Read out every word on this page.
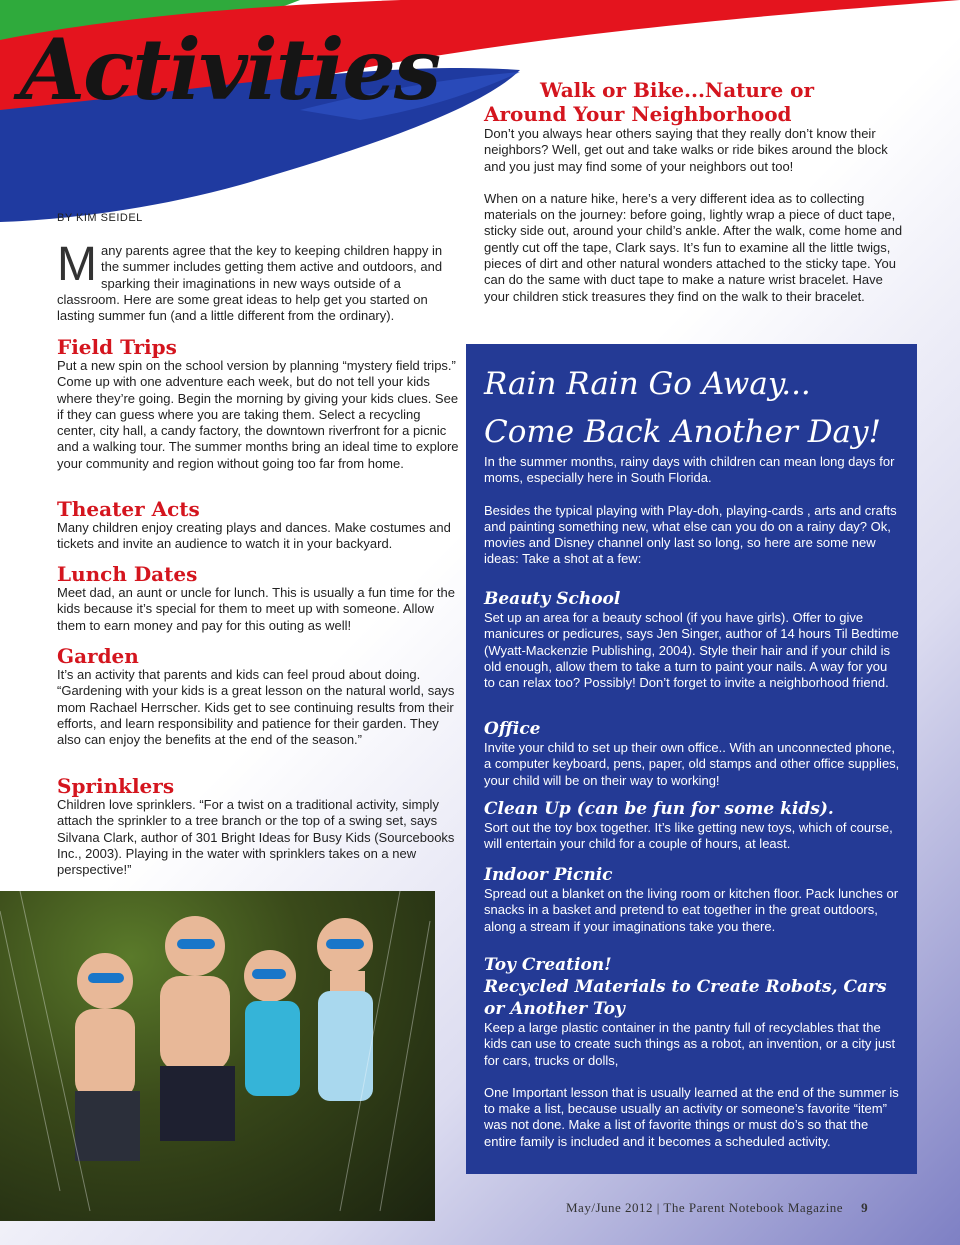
Activities
BY KIM SEIDEL

Many parents agree that the key to keeping children happy in the summer includes getting them active and outdoors, and sparking their imaginations in new ways outside of a classroom. Here are some great ideas to help get you started on lasting summer fun (and a little different from the ordinary).

Field Trips

Put a new spin on the school version by planning “mystery field trips.” Come up with one adventure each week, but do not tell your kids where they’re going. Begin the morning by giving your kids clues. See if they can guess where you are taking them. Select a recycling center, city hall, a candy factory, the downtown riverfront for a picnic and a walking tour. The summer months bring an ideal time to explore your community and region without going too far from home.

Theater Acts

Many children enjoy creating plays and dances. Make costumes and tickets and invite an audience to watch it in your backyard.

Lunch Dates

Meet dad, an aunt or uncle for lunch. This is usually a fun time for the kids because it’s special for them to meet up with someone. Allow them to earn money and pay for this outing as well!

Garden

It’s an activity that parents and kids can feel proud about doing. “Gardening with your kids is a great lesson on the natural world, says mom Rachael Herrscher. Kids get to see continuing results from their efforts, and learn responsibility and patience for their garden. They also can enjoy the benefits at the end of the season.”

Sprinklers

Children love sprinklers. “For a twist on a traditional activity, simply attach the sprinkler to a tree branch or the top of a swing set, says Silvana Clark, author of 301 Bright Ideas for Busy Kids (Sourcebooks Inc., 2003). Playing in the water with sprinklers takes on a new perspective!”

Walk or Bike...Nature or
Around Your Neighborhood

Don’t you always hear others saying that they really don’t know their neighbors? Well, get out and take walks or ride bikes around the block and you just may find some of your neighbors out too!

When on a nature hike, here’s a very different idea as to collecting materials on the journey: before going, lightly wrap a piece of duct tape, sticky side out, around your child’s ankle. After the walk, come home and gently cut off the tape, Clark says. It’s fun to examine all the little twigs, pieces of dirt and other natural wonders attached to the sticky tape. You can do the same with duct tape to make a nature wrist bracelet. Have your children stick treasures they find on the walk to their bracelet.

Rain Rain Go Away...
Come Back Another Day!

In the summer months, rainy days with children can mean long days for moms, especially here in South Florida.

Besides the typical playing with Play-doh, playing-cards , arts and crafts and painting something new, what else can you do on a rainy day? Ok, movies and Disney channel only last so long, so here are some new ideas: Take a shot at a few:

Beauty School

Set up an area for a beauty school (if you have girls). Offer to give manicures or pedicures, says Jen Singer, author of 14 hours Til Bedtime (Wyatt-Mackenzie Publishing, 2004). Style their hair and if your child is old enough, allow them to take a turn to paint your nails. A way for you to can relax too? Possibly! Don’t forget to invite a neighborhood friend.

Office

Invite your child to set up their own office.. With an unconnected phone, a computer keyboard, pens, paper, old stamps and other office supplies, your child will be on their way to working!

Clean Up (can be fun for some kids).

Sort out the toy box together. It’s like getting new toys, which of course, will entertain your child for a couple of hours, at least.

Indoor Picnic

Spread out a blanket on the living room or kitchen floor. Pack lunches or snacks in a basket and pretend to eat together in the great outdoors, along a stream if your imaginations take you there.

Toy Creation!
Recycled Materials to Create Robots, Cars or Another Toy

Keep a large plastic container in the pantry full of recyclables that the kids can use to create such things as a robot, an invention, or a city just for cars, trucks or dolls,

One Important lesson that is usually learned at the end of the summer is to make a list, because usually an activity or someone’s favorite “item” was not done. Make a list of favorite things or must do’s so that the entire family is included and it becomes a scheduled activity.

May/June 2012 | The Parent Notebook Magazine 9
